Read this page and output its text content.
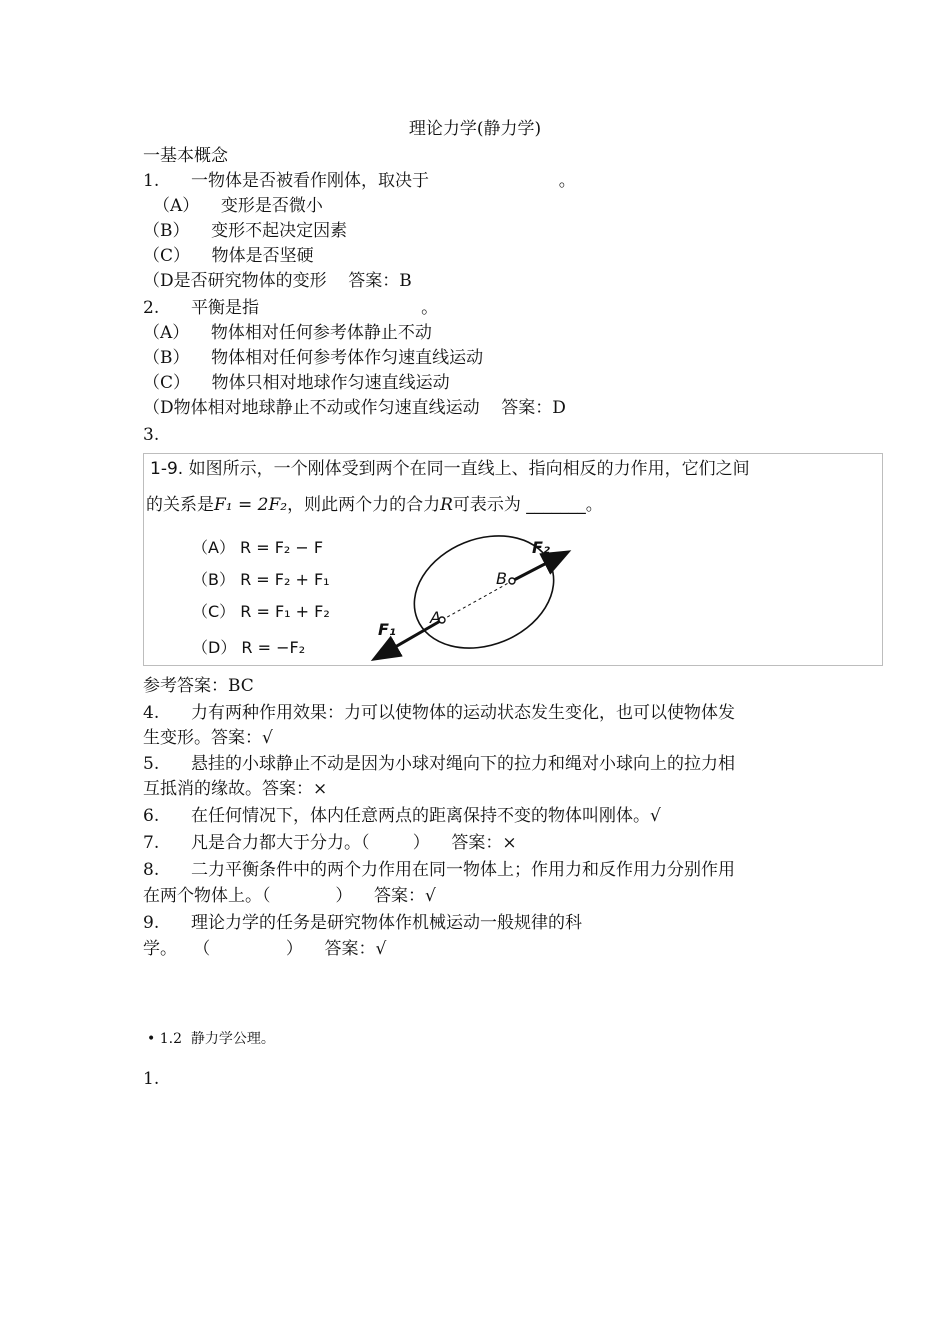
理论力学(静力学)
一基本概念
1. 一物体是否被看作刚体，取决于                        。
（A）    变形是否微小
（B）    变形不起决定因素
（C）    物体是否坚硬
（D是否研究物体的变形    答案：B
2. 平衡是指                              。
（A）    物体相对任何参考体静止不动
（B）    物体相对任何参考体作匀速直线运动
（C）    物体只相对地球作匀速直线运动
（D物体相对地球静止不动或作匀速直线运动    答案：D
3.
1-9. 如图所示，一个刚体受到两个在同一直线上、指向相反的力作用，它们之间
的关系是F₁ = 2F₂，则此两个力的合力R可表示为 _______。
（A） R = F₂ − F
（B） R = F₂ + F₁
（C） R = F₁ + F₂
（D） R = −F₂
A
B
F₁
F₂
参考答案：BC
4. 力有两种作用效果：力可以使物体的运动状态发生变化，也可以使物体发
生变形。答案：√
5. 悬挂的小球静止不动是因为小球对绳向下的拉力和绳对小球向上的拉力相
互抵消的缘故。答案：×
6. 在任何情况下，体内任意两点的距离保持不变的物体叫刚体。√
7. 凡是合力都大于分力。（        ）    答案：×
8. 二力平衡条件中的两个力作用在同一物体上；作用力和反作用力分别作用
在两个物体上。（            ）    答案：√
9. 理论力学的任务是研究物体作机械运动一般规律的科
学。   （              ）    答案：√
• 1.2  静力学公理。
1.
